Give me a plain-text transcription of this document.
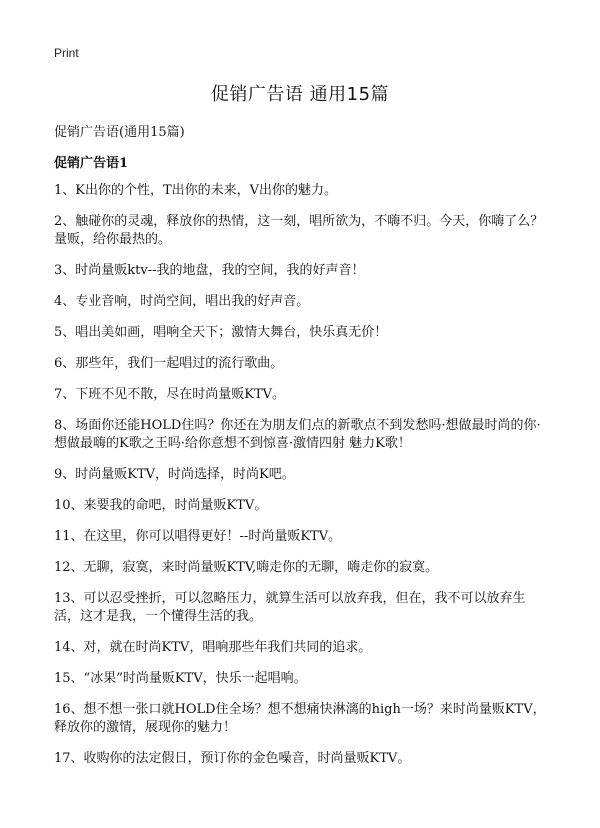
Print
促销广告语 通用15篇
促销广告语(通用15篇)
促销广告语1
1、K出你的个性，T出你的未来，V出你的魅力。
2、触碰你的灵魂，释放你的热情，这一刻，唱所欲为，不嗨不归。今天，你嗨了么？量贩，给你最热的。
3、时尚量贩ktv--我的地盘，我的空间，我的好声音！
4、专业音响，时尚空间，唱出我的好声音。
5、唱出美如画，唱响全天下；激情大舞台，快乐真无价！
6、那些年，我们一起唱过的流行歌曲。
7、下班不见不散，尽在时尚量贩KTV。
8、场面你还能HOLD住吗？你还在为朋友们点的新歌点不到发愁吗·想做最时尚的你·想做最嗨的K歌之王吗·给你意想不到惊喜·激情四射 魅力K歌！
9、时尚量贩KTV，时尚选择，时尚K吧。
10、来要我的命吧，时尚量贩KTV。
11、在这里，你可以唱得更好！--时尚量贩KTV。
12、无聊，寂寞，来时尚量贩KTV,嗨走你的无聊，嗨走你的寂寞。
13、可以忍受挫折，可以忽略压力，就算生活可以放弃我，但在，我不可以放弃生活，这才是我，一个懂得生活的我。
14、对，就在时尚KTV，唱响那些年我们共同的追求。
15、“冰果”时尚量贩KTV，快乐一起唱响。
16、想不想一张口就HOLD住全场？想不想痛快淋漓的high一场？来时尚量贩KTV，释放你的激情，展现你的魅力！
17、收购你的法定假日，预订你的金色噪音，时尚量贩KTV。
